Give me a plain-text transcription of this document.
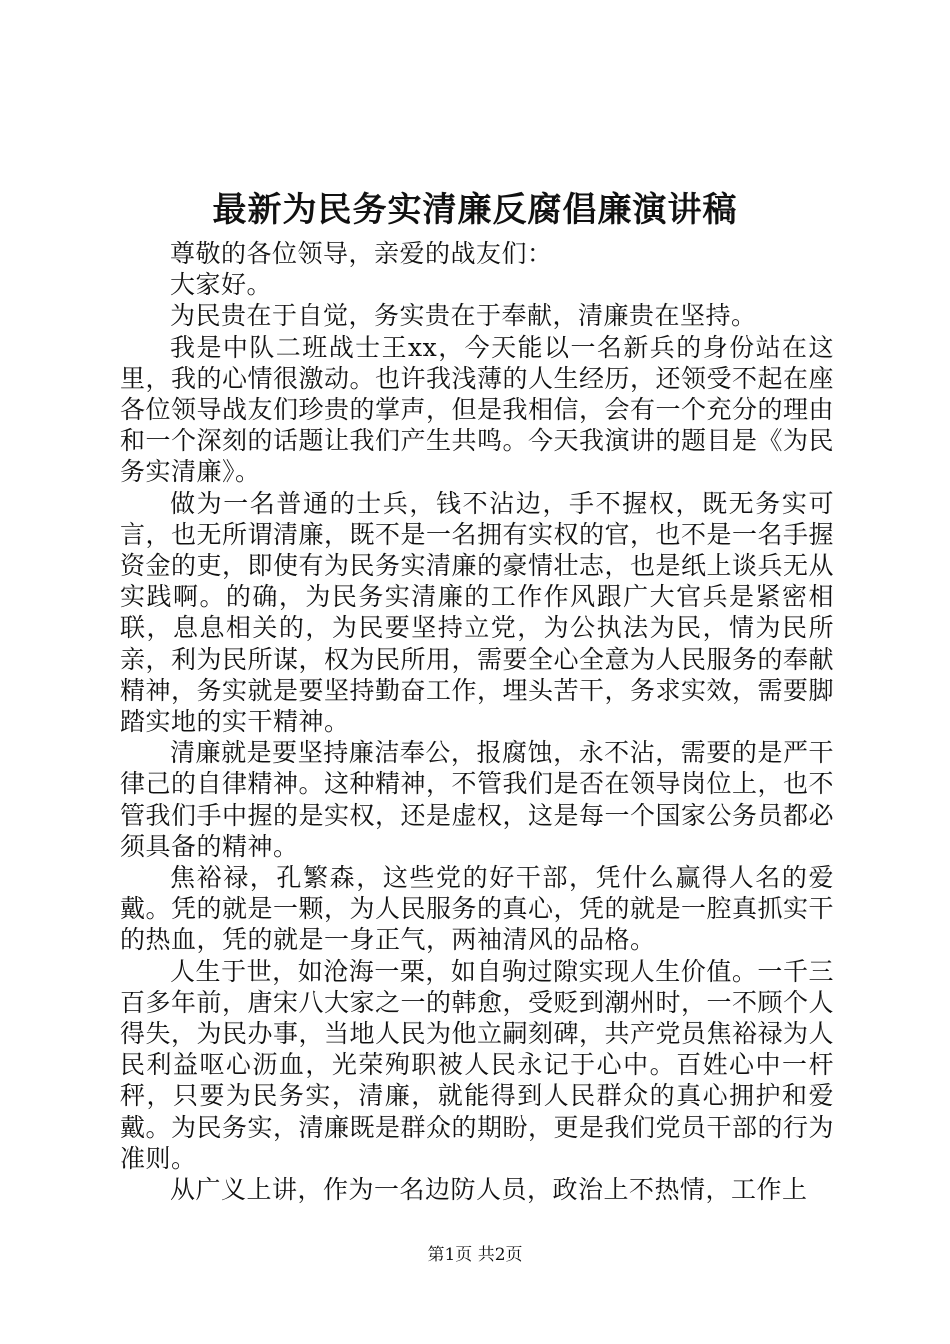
最新为民务实清廉反腐倡廉演讲稿

尊敬的各位领导，亲爱的战友们：

大家好。

为民贵在于自觉，务实贵在于奉献，清廉贵在坚持。

我是中队二班战士王xx，今天能以一名新兵的身份站在这里，我的心情很激动。也许我浅薄的人生经历，还领受不起在座各位领导战友们珍贵的掌声，但是我相信，会有一个充分的理由和一个深刻的话题让我们产生共鸣。今天我演讲的题目是《为民务实清廉》。

做为一名普通的士兵，钱不沾边，手不握权，既无务实可言，也无所谓清廉，既不是一名拥有实权的官，也不是一名手握资金的吏，即使有为民务实清廉的豪情壮志，也是纸上谈兵无从实践啊。的确，为民务实清廉的工作作风跟广大官兵是紧密相联，息息相关的，为民要坚持立党，为公执法为民，情为民所亲，利为民所谋，权为民所用，需要全心全意为人民服务的奉献精神，务实就是要坚持勤奋工作，埋头苦干，务求实效，需要脚踏实地的实干精神。

清廉就是要坚持廉洁奉公，报腐蚀，永不沾，需要的是严干律己的自律精神。这种精神，不管我们是否在领导岗位上，也不管我们手中握的是实权，还是虚权，这是每一个国家公务员都必须具备的精神。

焦裕禄，孔繁森，这些党的好干部，凭什么赢得人名的爱戴。凭的就是一颗，为人民服务的真心，凭的就是一腔真抓实干的热血，凭的就是一身正气，两袖清风的品格。

人生于世，如沧海一栗，如自驹过隙实现人生价值。一千三百多年前，唐宋八大家之一的韩愈，受贬到潮州时，一不顾个人得失，为民办事，当地人民为他立嗣刻碑，共产党员焦裕禄为人民利益呕心沥血，光荣殉职被人民永记于心中。百姓心中一杆秤，只要为民务实，清廉，就能得到人民群众的真心拥护和爱戴。为民务实，清廉既是群众的期盼，更是我们党员干部的行为准则。

从广义上讲，作为一名边防人员，政治上不热情，工作上

第1页 共2页
